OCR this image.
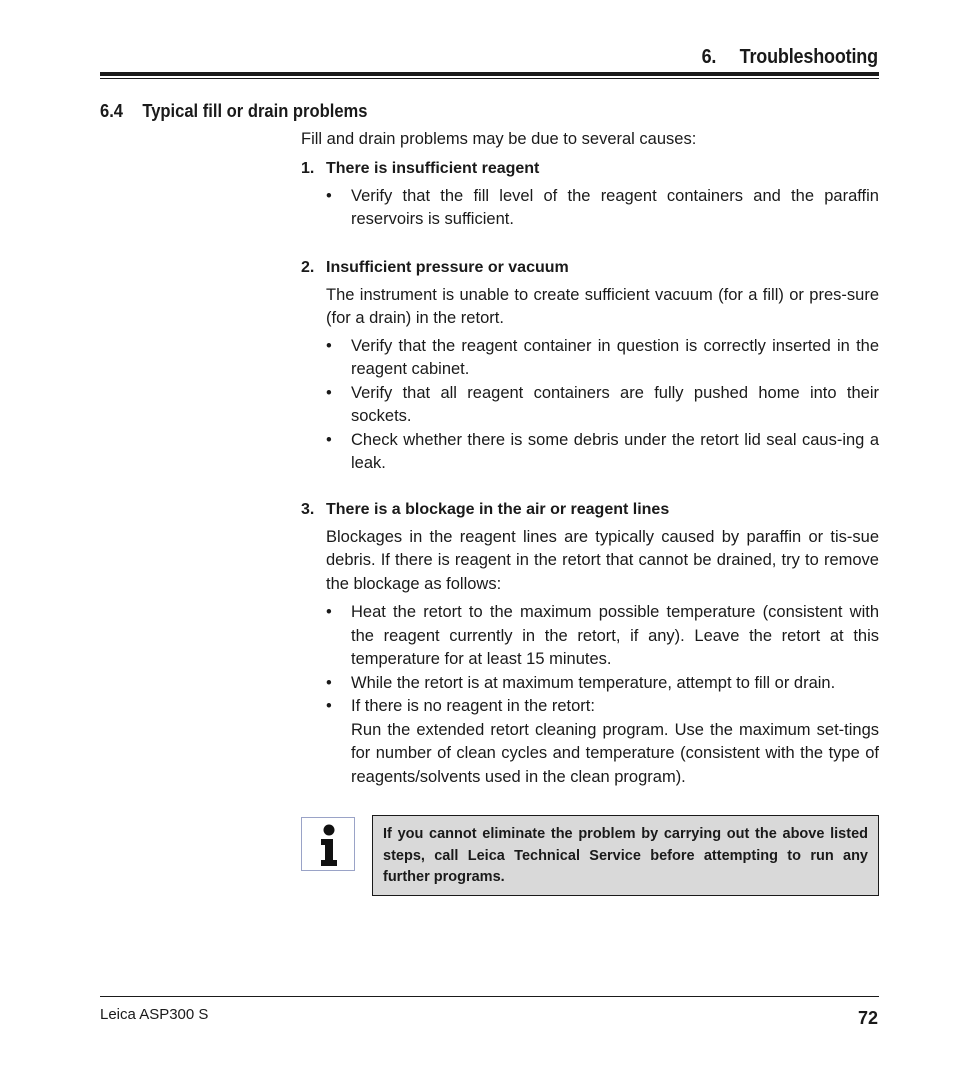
6. Troubleshooting
6.4 Typical fill or drain problems

Fill and drain problems may be due to several causes:

1. There is insufficient reagent

• Verify that the fill level of the reagent containers and the paraffin reservoirs is sufficient.

2. Insufficient pressure or vacuum

The instrument is unable to create sufficient vacuum (for a fill) or pres-sure (for a drain) in the retort.

• Verify that the reagent container in question is correctly inserted in the reagent cabinet.
• Verify that all reagent containers are fully pushed home into their sockets.
• Check whether there is some debris under the retort lid seal caus-ing a leak.

3. There is a blockage in the air or reagent lines

Blockages in the reagent lines are typically caused by paraffin or tis-sue debris. If there is reagent in the retort that cannot be drained, try to remove the blockage as follows:

• Heat the retort to the maximum possible temperature (consistent with the reagent currently in the retort, if any). Leave the retort at this temperature for at least 15 minutes.
• While the retort is at maximum temperature, attempt to fill or drain.
• If there is no reagent in the retort:
Run the extended retort cleaning program. Use the maximum set-tings for number of clean cycles and temperature (consistent with the type of reagents/solvents used in the clean program).

If you cannot eliminate the problem by carrying out the above listed steps, call Leica Technical Service before attempting to run any further programs.

Leica ASP300 S	72
